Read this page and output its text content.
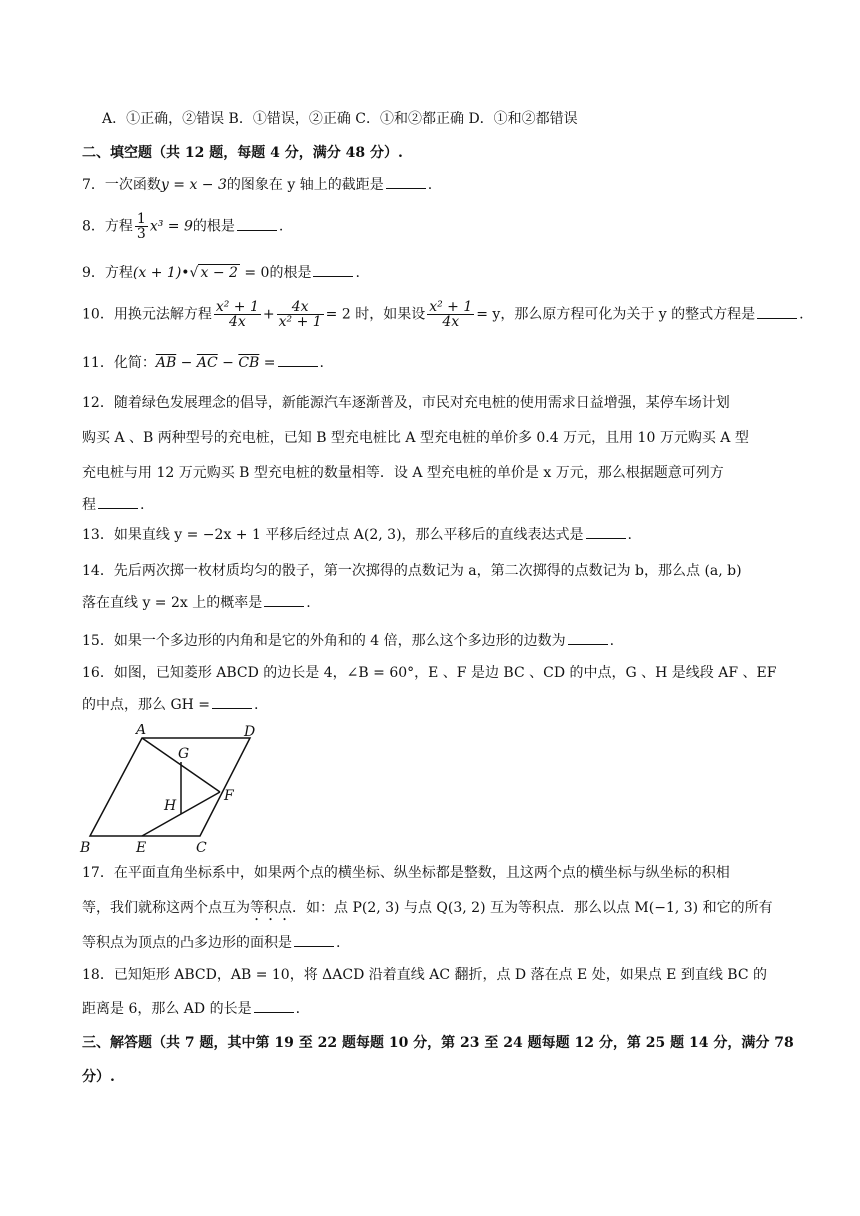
A．①正确，②错误 B．①错误，②正确 C．①和②都正确 D．①和②都错误
二、填空题（共 12 题，每题 4 分，满分 48 分）.
7．一次函数y = x − 3的图象在 y 轴上的截距是	.
8．方程 $\frac{1}{3} x^3 = 9$的根是	.
9．方程(x + 1)•√ x − 2 = 0的根是	.
10．用换元法解方程 $\frac{\text{x² + 1}}{4x} + \frac{4x}{\text{x² + 1}} = 2$ 时，如果设 $\frac{\text{x² + 1}}{4x} = y$，那么原方程可化为关于 y 的整式方程是	.
11．化简：$\overline{AB} - \overline{AC} - \overline{CB}$ =	.
12．随着绿色发展理念的倡导，新能源汽车逐渐普及，市民对充电桩的使用需求日益增强，某停车场计划
购买 A 、B 两种型号的充电桩，已知 B 型充电桩比 A 型充电桩的单价多 0.4 万元，且用 10 万元购买 A 型
充电桩与用 12 万元购买 B 型充电桩的数量相等．设 A 型充电桩的单价是 x 万元，那么根据题意可列方
程	.
13．如果直线 y = −2x + 1 平移后经过点 A(2, 3)，那么平移后的直线表达式是	.
14．先后两次掷一枚材质均匀的骰子，第一次掷得的点数记为 a，第二次掷得的点数记为 b，那么点 (a, b)
落在直线 y = 2x 上的概率是	.
15．如果一个多边形的内角和是它的外角和的 4 倍，那么这个多边形的边数为	.
16．如图，已知菱形 ABCD 的边长是 4，∠B = 60°，E 、F 是边 BC 、CD 的中点，G 、H 是线段 AF 、EF
的中点，那么 GH =	.
A	D
G
H
F
B	E	C
17．在平面直角坐标系中，如果两个点的横坐标、纵坐标都是整数，且这两个点的横坐标与纵坐标的积相
等，我们就称这两个点互为等积点．如：点 P(2, 3) 与点 Q(3, 2) 互为等积点．那么以点 M(−1, 3) 和它的所有
等积点为顶点的凸多边形的面积是	.
18．已知矩形 ABCD，AB = 10，将 ΔACD 沿着直线 AC 翻折，点 D 落在点 E 处，如果点 E 到直线 BC 的
距离是 6，那么 AD 的长是	.
三、解答题（共 7 题，其中第 19 至 22 题每题 10 分，第 23 至 24 题每题 12 分，第 25 题 14 分，满分 78
分）.
